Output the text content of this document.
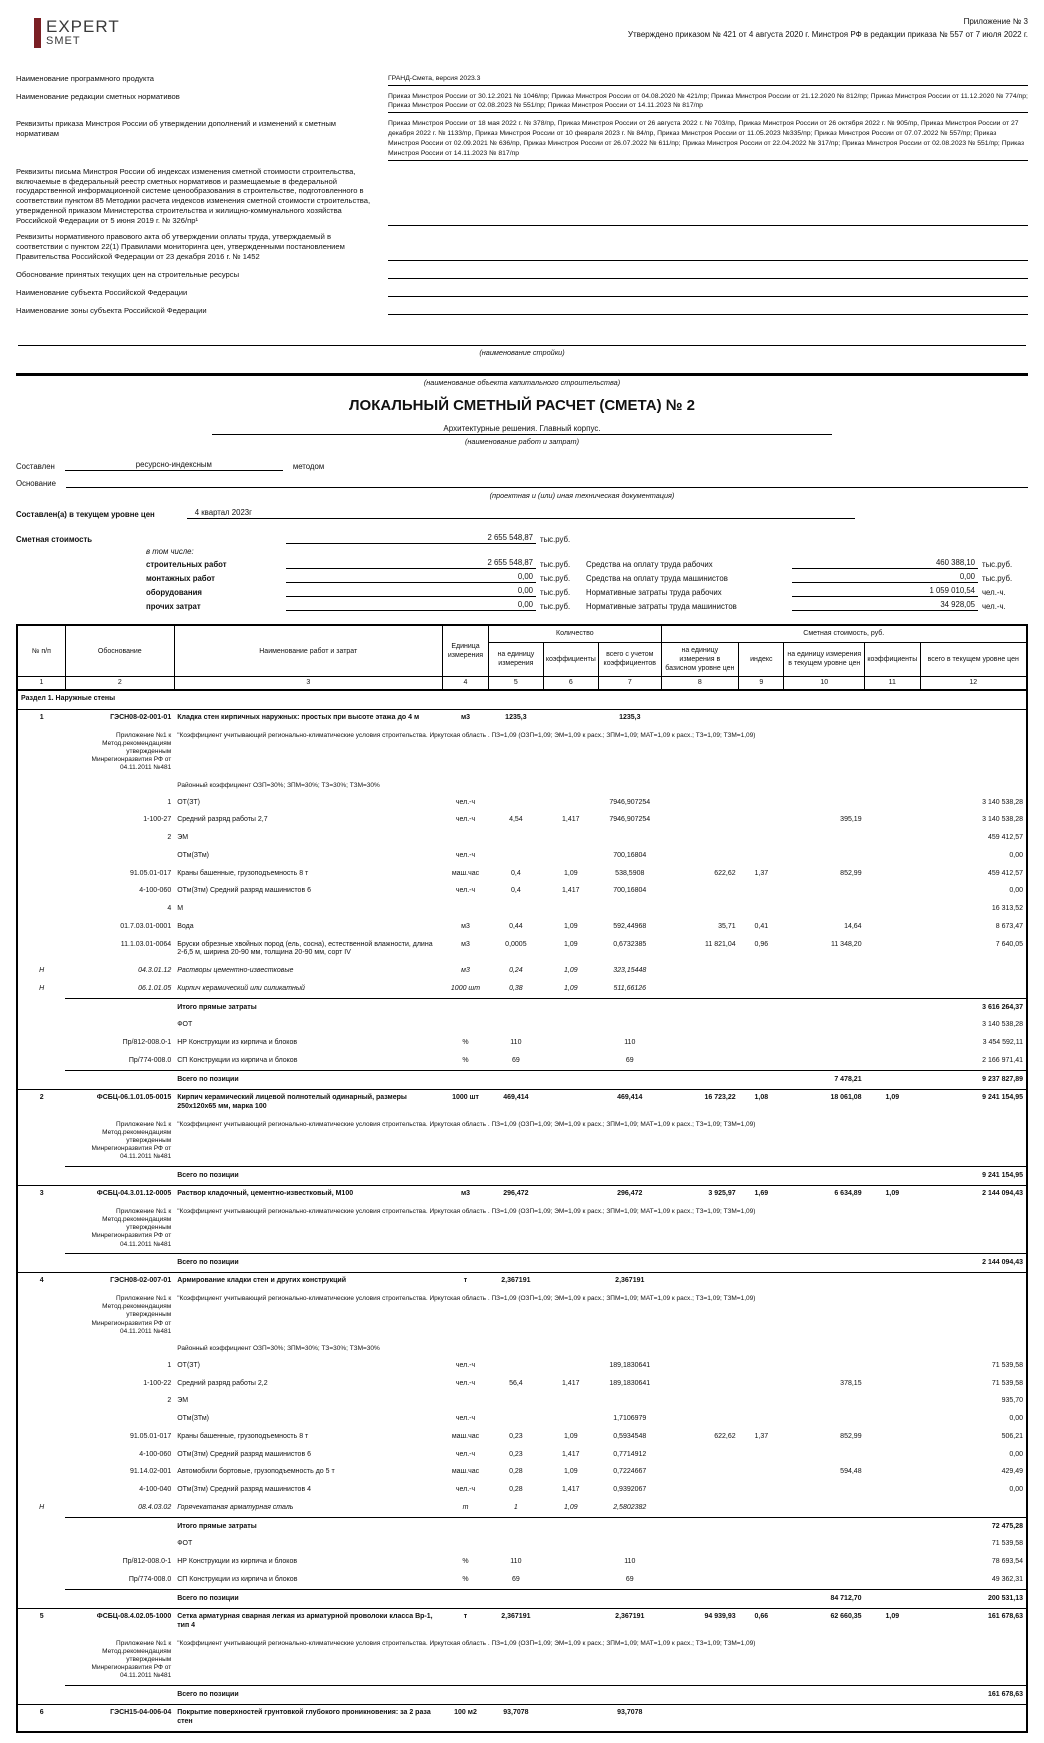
EXPERT
SMET
Приложение № 3
Утверждено приказом № 421 от 4 августа 2020 г. Минстроя РФ в редакции приказа № 557 от 7 июля 2022 г.
Наименование программного продукта	ГРАНД-Смета, версия 2023.3
Наименование редакции сметных нормативов	Приказ Минстроя России от 30.12.2021 № 1046/пр; Приказ Минстроя России от 04.08.2020 № 421/пр; Приказ Минстроя России от 21.12.2020 № 812/пр; Приказ Минстроя России от 11.12.2020 № 774/пр; Приказ Минстроя России от 02.08.2023 № 551/пр; Приказ Минстроя России от 14.11.2023 № 817/пр
Реквизиты приказа Минстроя России об утверждении дополнений и изменений к сметным нормативам
Приказ Минстроя России от 18 мая 2022 г. № 378/пр, Приказ Минстроя России от 26 августа 2022 г. № 703/пр, Приказ Минстроя России от 26 октября 2022 г. № 905/пр, Приказ Минстроя России от 27 декабря 2022 г. № 1133/пр, Приказ Минстроя России от 10 февраля 2023 г. № 84/пр, Приказ Минстроя России от 11.05.2023 №335/пр; Приказ Минстроя России от 07.07.2022 № 557/пр; Приказ Минстроя России от 02.09.2021 № 636/пр, Приказ Минстроя России от 26.07.2022 № 611/пр; Приказ Минстроя России от 22.04.2022 № 317/пр; Приказ Минстроя России от 02.08.2023 № 551/пр; Приказ Минстроя России от 14.11.2023 № 817/пр
Реквизиты письма Минстроя России об индексах изменения сметной стоимости строительства, включаемые в федеральный реестр сметных нормативов и размещаемые в федеральной государственной информационной системе ценообразования в строительстве, подготовленного в соответствии пунктом 85 Методики расчета индексов изменения сметной стоимости строительства, утвержденной приказом Министерства строительства и жилищно-коммунального хозяйства Российской Федерации от 5 июня 2019 г. № 326/пр¹
Реквизиты нормативного правового акта об утверждении оплаты труда, утверждаемый в соответствии с пунктом 22(1) Правилами мониторинга цен, утвержденными постановлением Правительства Российской Федерации от 23 декабря 2016 г. № 1452
Обоснование принятых текущих цен на строительные ресурсы
Наименование субъекта Российской Федерации
Наименование зоны субъекта Российской Федерации
(наименование стройки)
(наименование объекта капитального строительства)
ЛОКАЛЬНЫЙ СМЕТНЫЙ РАСЧЕТ (СМЕТА) № 2
Архитектурные решения. Главный корпус.
(наименование работ и затрат)
Составлен	ресурсно-индексным	методом
Основание
(проектная и (или) иная техническая документация)
Составлен(а) в текущем уровне цен	4 квартал 2023г
Сметная стоимость	2 655 548,87 тыс.руб.
в том числе:
строительных работ	2 655 548,87 тыс.руб.
монтажных работ	0,00 тыс.руб.
оборудования	0,00 тыс.руб.
прочих затрат	0,00 тыс.руб.
Средства на оплату труда рабочих	460 388,10 тыс.руб.
Средства на оплату труда машинистов	0,00 тыс.руб.
Нормативные затраты труда рабочих	1 059 010,54 чел.-ч.
Нормативные затраты труда машинистов	34 928,05 чел.-ч.
№ п/п	Обоснование	Наименование работ и затрат	Единица измерения	Количество			Сметная стоимость, руб.				
				на единицу измерения	коэффициенты	всего с учетом коэффициентов	на единицу измерения в базисном уровне цен	индекс	на единицу измерения в текущем уровне цен	коэффициенты	всего в текущем уровне цен
1	2	3	4	5	6	7	8	9	10	11	12
Раздел 1. Наружные стены											
1	ГЭСН08-02-001-01	Кладка стен кирпичных наружных: простых при высоте этажа до 4 м	м3	1235,3		1235,3					
	Приложение №1 к Метод.рекомендациям утвержденным Минрегионразвития РФ от 04.11.2011 №481	"Коэффициент учитывающий регионально-климатические условия строительства. Иркутская область . ПЗ=1,09 (ОЗП=1,09; ЭМ=1,09 к расх.; ЗПМ=1,09; МАТ=1,09 к расх.; ТЗ=1,09; ТЗМ=1,09)									
		Районный коэффициент ОЗП=30%; ЗПМ=30%; ТЗ=30%; ТЗМ=30%									
	1	ОТ(ЗТ)	чел.-ч			7946,907254					3 140 538,28
	1-100-27	Средний разряд работы 2,7	чел.-ч	4,54	1,417	7946,907254			395,19		3 140 538,28
	2	ЭМ									459 412,57
		ОТм(ЗТм)	чел.-ч			700,16804					0,00
	91.05.01-017	Краны башенные, грузоподъемность 8 т	маш.час	0,4	1,09	538,5908	622,62	1,37	852,99		459 412,57
	4-100-060	ОТм(3тм) Средний разряд машинистов 6	чел.-ч	0,4	1,417	700,16804					0,00
	4	М									16 313,52
	01.7.03.01-0001	Вода	м3	0,44	1,09	592,44968	35,71	0,41	14,64		8 673,47
	11.1.03.01-0064	Бруски обрезные хвойных пород (ель, сосна), естественной влажности, длина 2-6,5 м, ширина 20-90 мм, толщина 20-90 мм, сорт IV	м3	0,0005	1,09	0,6732385	11 821,04	0,96	11 348,20		7 640,05
Н	04.3.01.12	Растворы цементно-известковые	м3	0,24	1,09	323,15448					
Н	06.1.01.05	Кирпич керамический или силикатный	1000 шт	0,38	1,09	511,66126					
		Итого прямые затраты									3 616 264,37
		ФОТ									3 140 538,28
	Пр/812-008.0-1	НР Конструкции из кирпича и блоков	%	110		110					3 454 592,11
	Пр/774-008.0	СП Конструкции из кирпича и блоков	%	69		69					2 166 971,41
		Всего по позиции							7 478,21		9 237 827,89
2	ФСБЦ-06.1.01.05-0015	Кирпич керамический лицевой полнотелый одинарный, размеры 250x120x65 мм, марка 100	1000 шт	469,414		469,414	16 723,22	1,08	18 061,08	1,09	9 241 154,95
	Приложение №1 к Метод.рекомендациям утвержденным Минрегионразвития РФ от 04.11.2011 №481	"Коэффициент учитывающий регионально-климатические условия строительства. Иркутская область . ПЗ=1,09 (ОЗП=1,09; ЭМ=1,09 к расх.; ЗПМ=1,09; МАТ=1,09 к расх.; ТЗ=1,09; ТЗМ=1,09)									
		Всего по позиции									9 241 154,95
3	ФСБЦ-04.3.01.12-0005	Раствор кладочный, цементно-известковый, М100	м3	296,472		296,472	3 925,97	1,69	6 634,89	1,09	2 144 094,43
	Приложение №1 к Метод.рекомендациям утвержденным Минрегионразвития РФ от 04.11.2011 №481	"Коэффициент учитывающий регионально-климатические условия строительства. Иркутская область . ПЗ=1,09 (ОЗП=1,09; ЭМ=1,09 к расх.; ЗПМ=1,09; МАТ=1,09 к расх.; ТЗ=1,09; ТЗМ=1,09)									
		Всего по позиции									2 144 094,43
4	ГЭСН08-02-007-01	Армирование кладки стен и других конструкций	т	2,367191		2,367191					
	Приложение №1 к Метод.рекомендациям утвержденным Минрегионразвития РФ от 04.11.2011 №481	"Коэффициент учитывающий регионально-климатические условия строительства. Иркутская область . ПЗ=1,09 (ОЗП=1,09; ЭМ=1,09 к расх.; ЗПМ=1,09; МАТ=1,09 к расх.; ТЗ=1,09; ТЗМ=1,09)									
		Районный коэффициент ОЗП=30%; ЗПМ=30%; ТЗ=30%; ТЗМ=30%									
	1	ОТ(ЗТ)	чел.-ч			189,1830641					71 539,58
	1-100-22	Средний разряд работы 2,2	чел.-ч	56,4	1,417	189,1830641			378,15		71 539,58
	2	ЭМ									935,70
		ОТм(ЗТм)	чел.-ч			1,7106979					0,00
	91.05.01-017	Краны башенные, грузоподъемность 8 т	маш.час	0,23	1,09	0,5934548	622,62	1,37	852,99		506,21
	4-100-060	ОТм(3тм) Средний разряд машинистов 6	чел.-ч	0,23	1,417	0,7714912					0,00
	91.14.02-001	Автомобили бортовые, грузоподъемность до 5 т	маш.час	0,28	1,09	0,7224667			594,48		429,49
	4-100-040	ОТм(3тм) Средний разряд машинистов 4	чел.-ч	0,28	1,417	0,9392067					0,00
Н	08.4.03.02	Горячекатаная арматурная сталь	т	1	1,09	2,5802382					
		Итого прямые затраты									72 475,28
		ФОТ									71 539,58
	Пр/812-008.0-1	НР Конструкции из кирпича и блоков	%	110		110					78 693,54
	Пр/774-008.0	СП Конструкции из кирпича и блоков	%	69		69					49 362,31
		Всего по позиции							84 712,70		200 531,13
5	ФСБЦ-08.4.02.05-1000	Сетка арматурная сварная легкая из арматурной проволоки класса Вр-1, тип 4	т	2,367191		2,367191	94 939,93	0,66	62 660,35	1,09	161 678,63
	Приложение №1 к Метод.рекомендациям утвержденным Минрегионразвития РФ от 04.11.2011 №481	"Коэффициент учитывающий регионально-климатические условия строительства. Иркутская область . ПЗ=1,09 (ОЗП=1,09; ЭМ=1,09 к расх.; ЗПМ=1,09; МАТ=1,09 к расх.; ТЗ=1,09; ТЗМ=1,09)									
		Всего по позиции									161 678,63
6	ГЭСН15-04-006-04	Покрытие поверхностей грунтовкой глубокого проникновения: за 2 раза стен	100 м2	93,7078		93,7078					
